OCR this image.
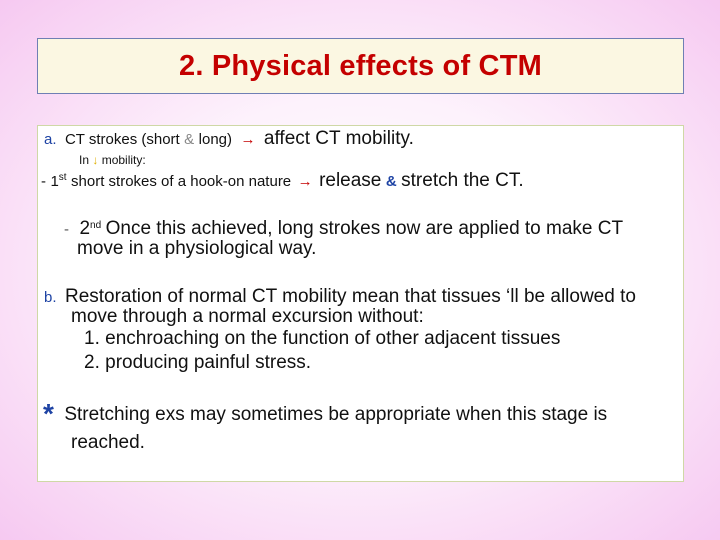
2. Physical effects of CTM
a. CT strokes (short & long) → affect CT mobility.
In ↓ mobility:
- 1st short strokes of a hook-on nature → release & stretch the CT.
- 2nd Once this achieved, long strokes now are applied to make CT
move in a physiological way.
b. Restoration of normal CT mobility mean that tissues ‘ll be allowed to
move through a normal excursion without:
1. enchroaching on the function of other adjacent tissues
2. producing painful stress.
* Stretching exs may sometimes be appropriate when this stage is
reached.
